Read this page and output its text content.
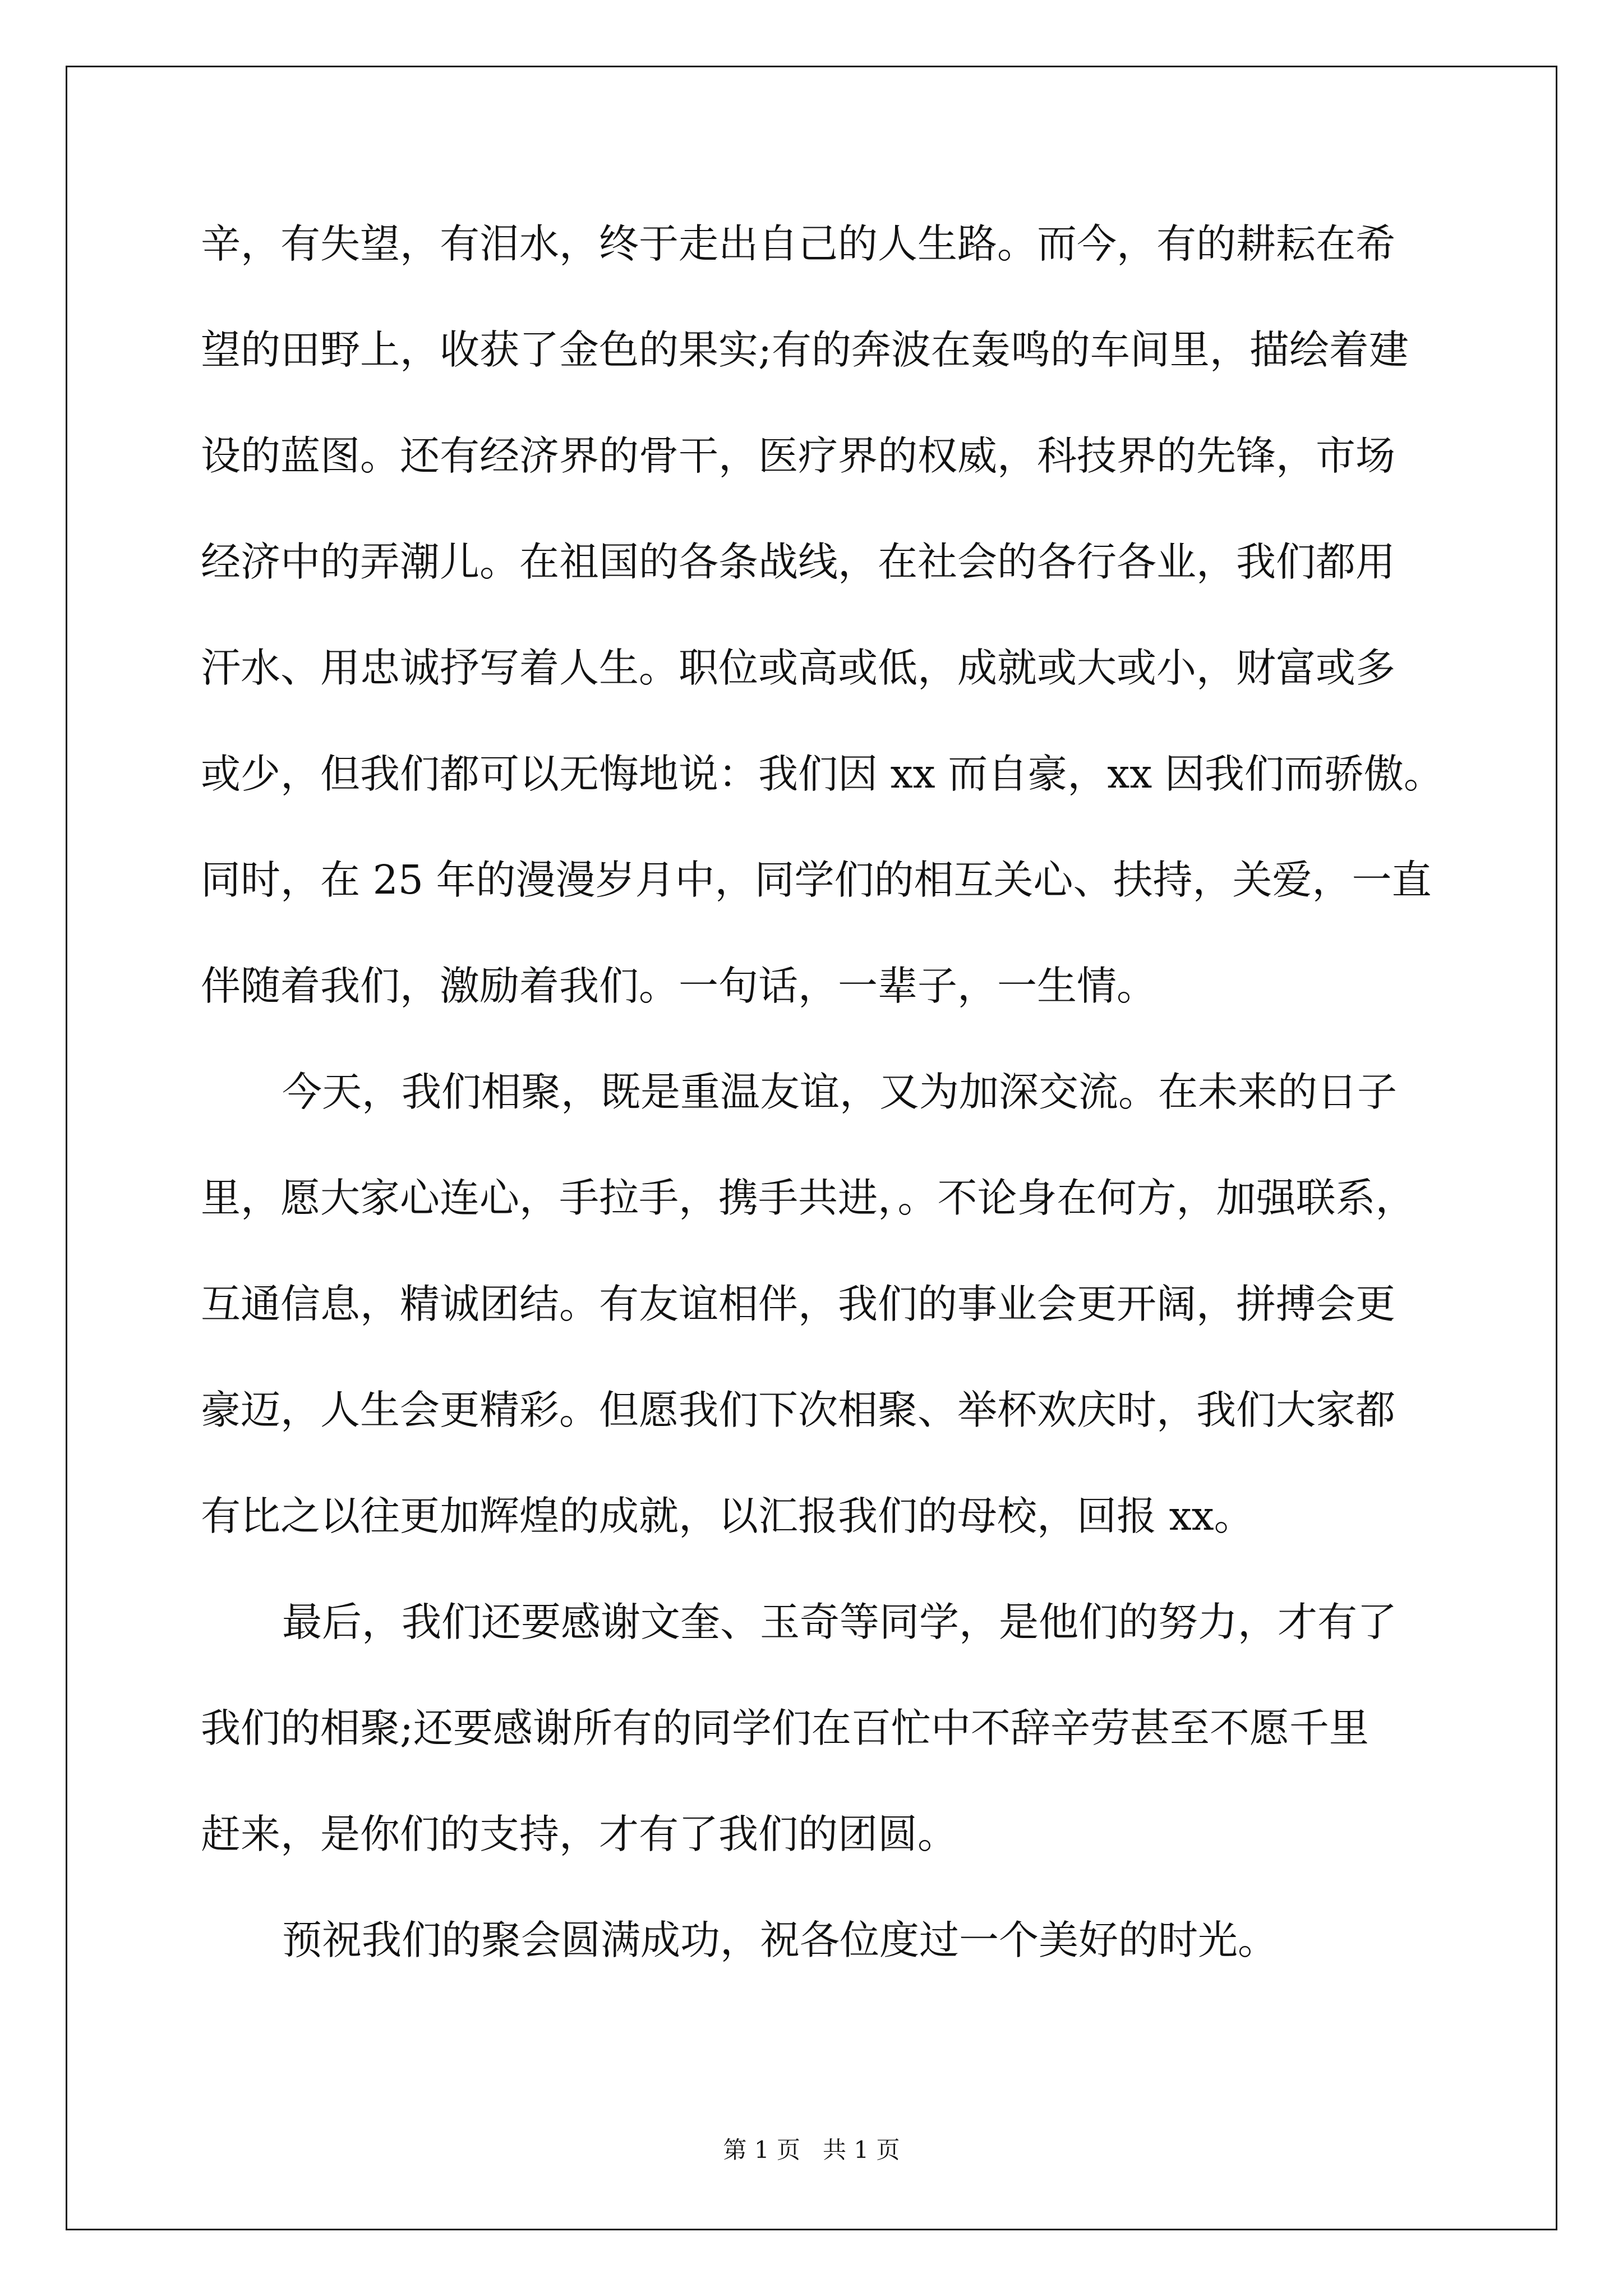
辛，有失望，有泪水，终于走出自己的人生路。而今，有的耕耘在希
望的田野上，收获了金色的果实;有的奔波在轰鸣的车间里，描绘着建
设的蓝图。还有经济界的骨干，医疗界的权威，科技界的先锋，市场
经济中的弄潮儿。在祖国的各条战线，在社会的各行各业，我们都用
汗水、用忠诚抒写着人生。职位或高或低，成就或大或小，财富或多
或少，但我们都可以无悔地说：我们因 xx 而自豪，xx 因我们而骄傲。
同时，在 25 年的漫漫岁月中，同学们的相互关心、扶持，关爱，一直
伴随着我们，激励着我们。一句话，一辈子，一生情。

今天，我们相聚，既是重温友谊，又为加深交流。在未来的日子
里，愿大家心连心，手拉手，携手共进，。不论身在何方，加强联系，
互通信息，精诚团结。有友谊相伴，我们的事业会更开阔，拼搏会更
豪迈，人生会更精彩。但愿我们下次相聚、举杯欢庆时，我们大家都
有比之以往更加辉煌的成就，以汇报我们的母校，回报 xx。

最后，我们还要感谢文奎、玉奇等同学，是他们的努力，才有了
我们的相聚;还要感谢所有的同学们在百忙中不辞辛劳甚至不愿千里
赶来，是你们的支持，才有了我们的团圆。

预祝我们的聚会圆满成功，祝各位度过一个美好的时光。

第 1 页   共 1 页
